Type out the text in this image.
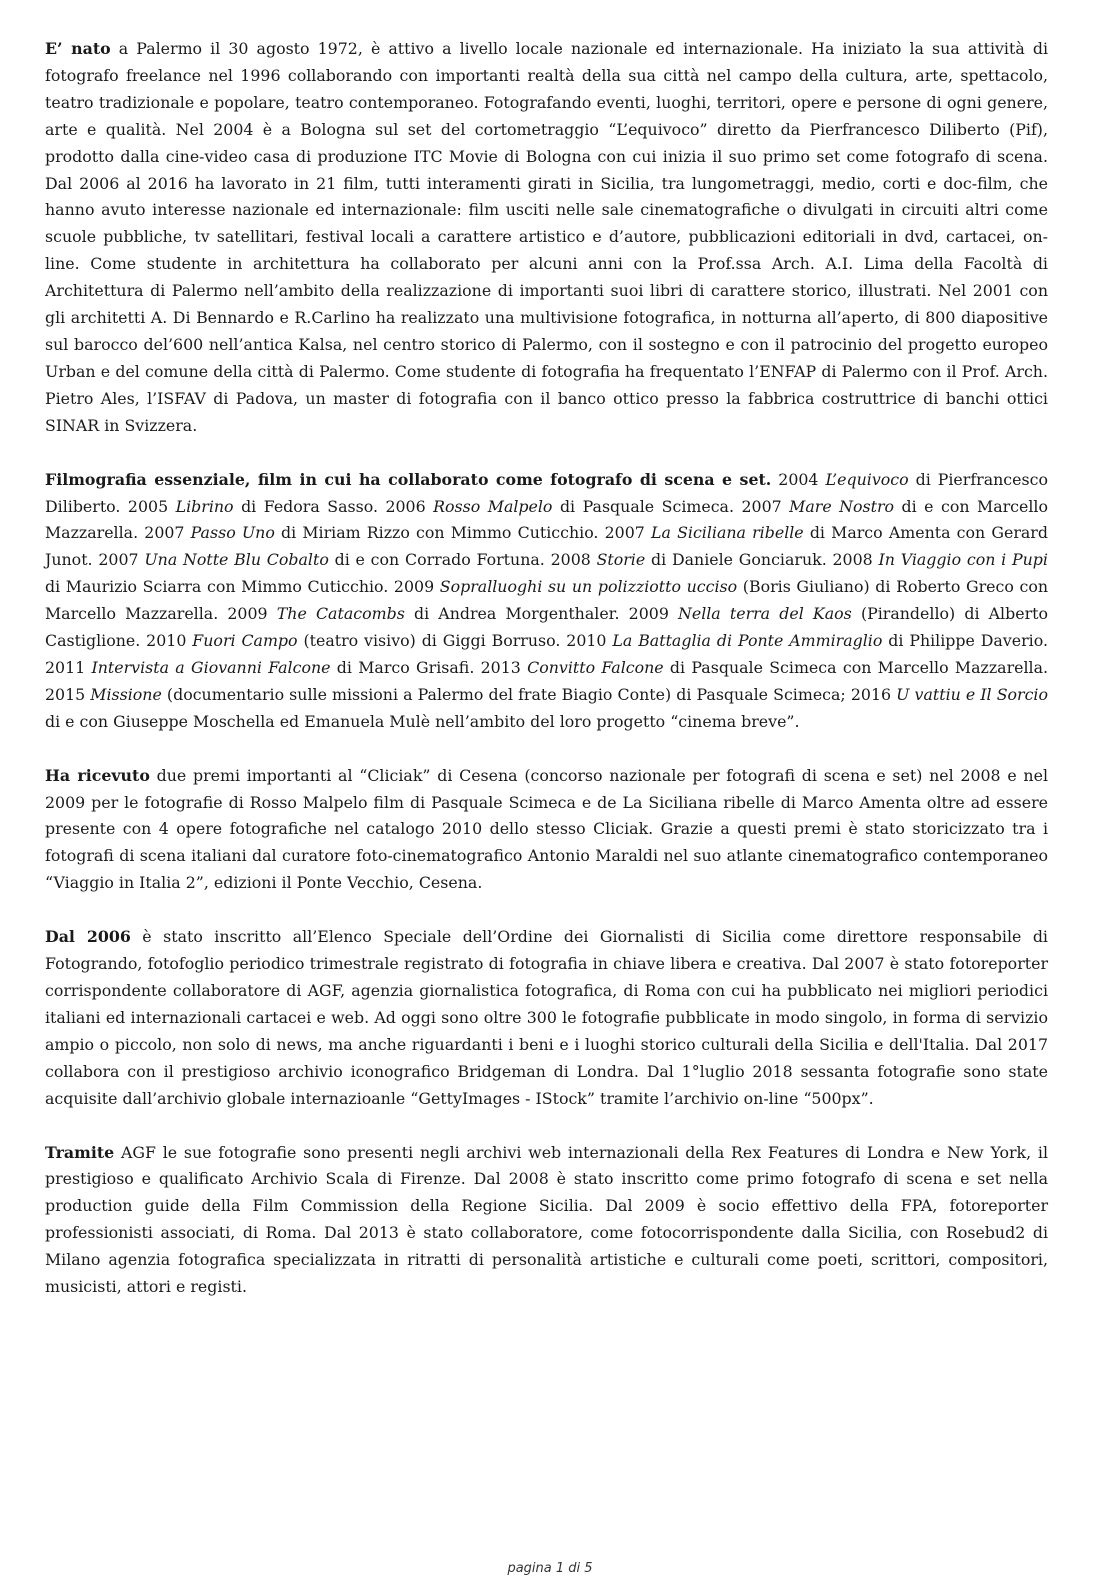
E’ nato a Palermo il 30 agosto 1972, è attivo a livello locale nazionale ed internazionale. Ha iniziato la sua attività di fotografo freelance nel 1996 collaborando con importanti realtà della sua città nel campo della cultura, arte, spettacolo, teatro tradizionale e popolare, teatro contemporaneo. Fotografando eventi, luoghi, territori, opere e persone di ogni genere, arte e qualità. Nel 2004 è a Bologna sul set del cortometraggio “L’equivoco” diretto da Pierfrancesco Diliberto (Pif), prodotto dalla cine-video casa di produzione ITC Movie di Bologna con cui inizia il suo primo set come fotografo di scena. Dal 2006 al 2016 ha lavorato in 21 film, tutti interamenti girati in Sicilia, tra lungometraggi, medio, corti e doc-film, che hanno avuto interesse nazionale ed internazionale: film usciti nelle sale cinematografiche o divulgati in circuiti altri come scuole pubbliche, tv satellitari, festival locali a carattere artistico e d’autore, pubblicazioni editoriali in dvd, cartacei, on-line. Come studente in architettura ha collaborato per alcuni anni con la Prof.ssa Arch. A.I. Lima della Facoltà di Architettura di Palermo nell’ambito della realizzazione di importanti suoi libri di carattere storico, illustrati. Nel 2001 con gli architetti A. Di Bennardo e R.Carlino ha realizzato una multivisione fotografica, in notturna all’aperto, di 800 diapositive sul barocco del’600 nell’antica Kalsa, nel centro storico di Palermo, con il sostegno e con il patrocinio del progetto europeo Urban e del comune della città di Palermo. Come studente di fotografia ha frequentato l’ENFAP di Palermo con il Prof. Arch. Pietro Ales, l’ISFAV di Padova, un master di fotografia con il banco ottico presso la fabbrica costruttrice di banchi ottici SINAR in Svizzera.

Filmografia essenziale, film in cui ha collaborato come fotografo di scena e set. 2004 L’equivoco di Pierfrancesco Diliberto. 2005 Librino di Fedora Sasso. 2006 Rosso Malpelo di Pasquale Scimeca. 2007 Mare Nostro di e con Marcello Mazzarella. 2007 Passo Uno di Miriam Rizzo con Mimmo Cuticchio. 2007 La Siciliana ribelle di Marco Amenta con Gerard Junot. 2007 Una Notte Blu Cobalto di e con Corrado Fortuna. 2008 Storie di Daniele Gonciaruk. 2008 In Viaggio con i Pupi di Maurizio Sciarra con Mimmo Cuticchio. 2009 Sopralluoghi su un polizziotto ucciso (Boris Giuliano) di Roberto Greco con Marcello Mazzarella. 2009 The Catacombs di Andrea Morgenthaler. 2009 Nella terra del Kaos (Pirandello) di Alberto Castiglione. 2010 Fuori Campo (teatro visivo) di Giggi Borruso. 2010 La Battaglia di Ponte Ammiraglio di Philippe Daverio. 2011 Intervista a Giovanni Falcone di Marco Grisafi. 2013 Convitto Falcone di Pasquale Scimeca con Marcello Mazzarella. 2015 Missione (documentario sulle missioni a Palermo del frate Biagio Conte) di Pasquale Scimeca; 2016 U vattiu e Il Sorcio di e con Giuseppe Moschella ed Emanuela Mulè nell’ambito del loro progetto “cinema breve”.

Ha ricevuto due premi importanti al “Cliciak” di Cesena (concorso nazionale per fotografi di scena e set) nel 2008 e nel 2009 per le fotografie di Rosso Malpelo film di Pasquale Scimeca e de La Siciliana ribelle di Marco Amenta oltre ad essere presente con 4 opere fotografiche nel catalogo 2010 dello stesso Cliciak. Grazie a questi premi è stato storicizzato tra i fotografi di scena italiani dal curatore foto-cinematografico Antonio Maraldi nel suo atlante cinematografico contemporaneo “Viaggio in Italia 2”, edizioni il Ponte Vecchio, Cesena.

Dal 2006 è stato inscritto all’Elenco Speciale dell’Ordine dei Giornalisti di Sicilia come direttore responsabile di Fotogrando, fotofoglio periodico trimestrale registrato di fotografia in chiave libera e creativa. Dal 2007 è stato fotoreporter corrispondente collaboratore di AGF, agenzia giornalistica fotografica, di Roma con cui ha pubblicato nei migliori periodici italiani ed internazionali cartacei e web. Ad oggi sono oltre 300 le fotografie pubblicate in modo singolo, in forma di servizio ampio o piccolo, non solo di news, ma anche riguardanti i beni e i luoghi storico culturali della Sicilia e dell'Italia. Dal 2017 collabora con il prestigioso archivio iconografico Bridgeman di Londra. Dal 1°luglio 2018 sessanta fotografie sono state acquisite dall’archivio globale internazioanle “GettyImages - IStock” tramite l’archivio on-line “500px”.

Tramite AGF le sue fotografie sono presenti negli archivi web internazionali della Rex Features di Londra e New York, il prestigioso e qualificato Archivio Scala di Firenze. Dal 2008 è stato inscritto come primo fotografo di scena e set nella production guide della Film Commission della Regione Sicilia. Dal 2009 è socio effettivo della FPA, fotoreporter professionisti associati, di Roma. Dal 2013 è stato collaboratore, come fotocorrispondente dalla Sicilia, con Rosebud2 di Milano agenzia fotografica specializzata in ritratti di personalità artistiche e culturali come poeti, scrittori, compositori, musicisti, attori e registi.

pagina 1 di 5
